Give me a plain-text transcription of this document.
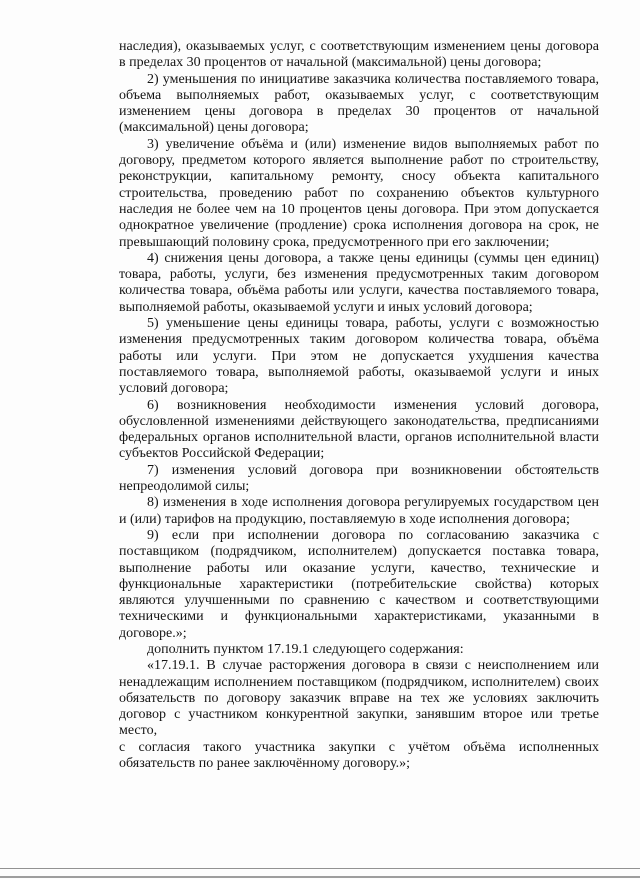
наследия), оказываемых услуг, с соответствующим изменением цены договора в пределах 30 процентов от начальной (максимальной) цены договора;

2) уменьшения по инициативе заказчика количества поставляемого товара, объема выполняемых работ, оказываемых услуг, с соответствующим изменением цены договора в пределах 30 процентов от начальной (максимальной) цены договора;

3) увеличение объёма и (или) изменение видов выполняемых работ по договору, предметом которого является выполнение работ по строительству, реконструкции, капитальному ремонту, сносу объекта капитального строительства, проведению работ по сохранению объектов культурного наследия не более чем на 10 процентов цены договора. При этом допускается однократное увеличение (продление) срока исполнения договора на срок, не превышающий половину срока, предусмотренного при его заключении;

4) снижения цены договора, а также цены единицы (суммы цен единиц) товара, работы, услуги, без изменения предусмотренных таким договором количества товара, объёма работы или услуги, качества поставляемого товара, выполняемой работы, оказываемой услуги и иных условий договора;

5) уменьшение цены единицы товара, работы, услуги с возможностью изменения предусмотренных таким договором количества товара, объёма работы или услуги. При этом не допускается ухудшения качества поставляемого товара, выполняемой работы, оказываемой услуги и иных условий договора;

6) возникновения необходимости изменения условий договора, обусловленной изменениями действующего законодательства, предписаниями федеральных органов исполнительной власти, органов исполнительной власти субъектов Российской Федерации;

7) изменения условий договора при возникновении обстоятельств непреодолимой силы;

8) изменения в ходе исполнения договора регулируемых государством цен и (или) тарифов на продукцию, поставляемую в ходе исполнения договора;

9) если при исполнении договора по согласованию заказчика с поставщиком (подрядчиком, исполнителем) допускается поставка товара, выполнение работы или оказание услуги, качество, технические и функциональные характеристики (потребительские свойства) которых являются улучшенными по сравнению с качеством и соответствующими техническими и функциональными характеристиками, указанными в договоре.»;

дополнить пунктом 17.19.1 следующего содержания:

«17.19.1. В случае расторжения договора в связи с неисполнением или ненадлежащим исполнением поставщиком (подрядчиком, исполнителем) своих обязательств по договору заказчик вправе на тех же условиях заключить договор с участником конкурентной закупки, занявшим второе или третье место,

с согласия такого участника закупки с учётом объёма исполненных обязательств по ранее заключённому договору.»;
